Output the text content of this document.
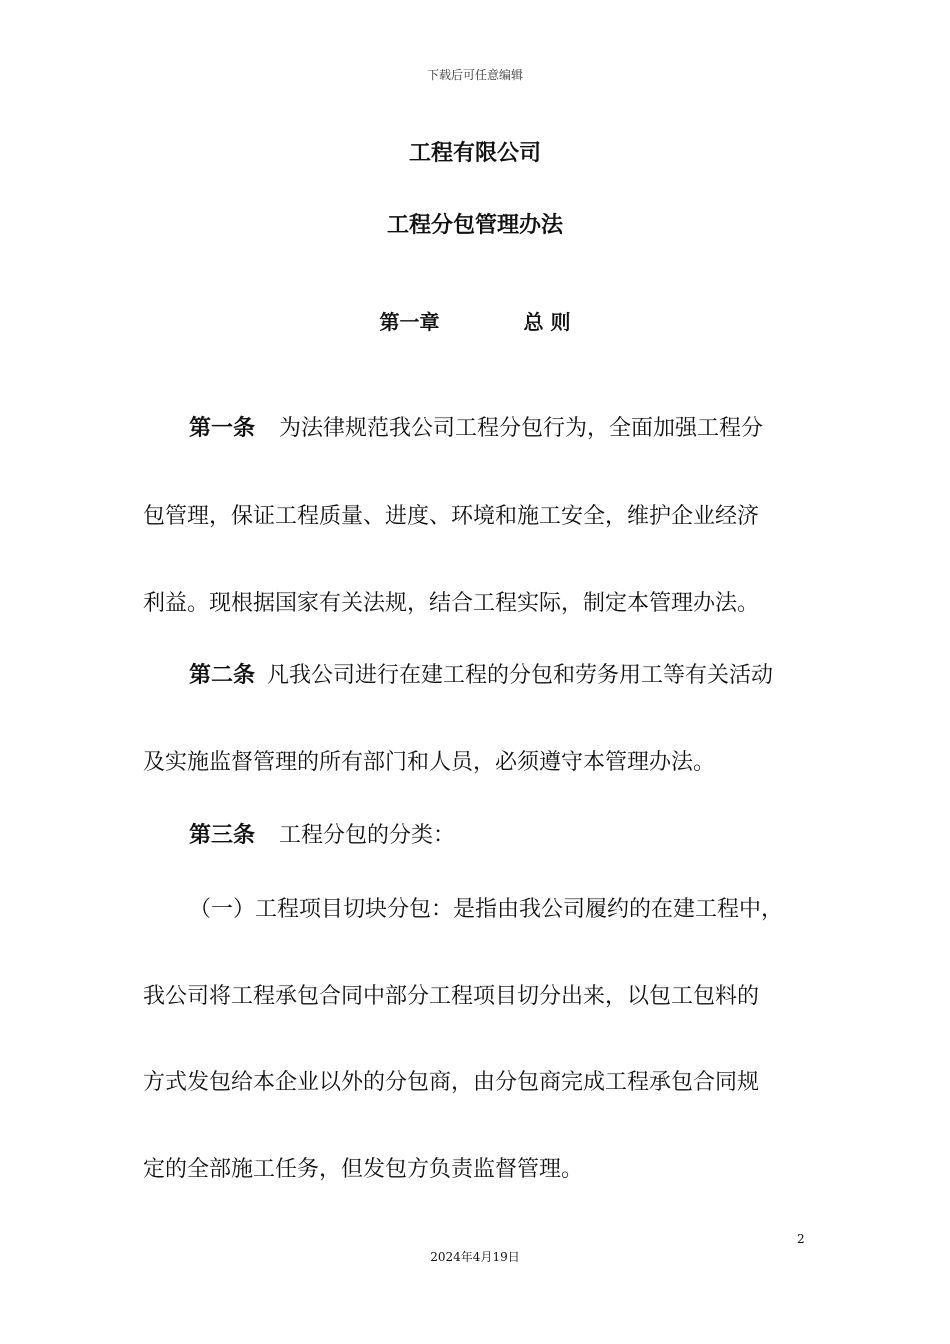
下载后可任意编辑
工程有限公司
工程分包管理办法
第一章	总 则
第一条 为法律规范我公司工程分包行为，全面加强工程分
包管理，保证工程质量、进度、环境和施工安全，维护企业经济
利益。现根据国家有关法规，结合工程实际，制定本管理办法。
第二条 凡我公司进行在建工程的分包和劳务用工等有关活动
及实施监督管理的所有部门和人员，必须遵守本管理办法。
第三条 工程分包的分类：
（一）工程项目切块分包：是指由我公司履约的在建工程中，
我公司将工程承包合同中部分工程项目切分出来，以包工包料的
方式发包给本企业以外的分包商，由分包商完成工程承包合同规
定的全部施工任务，但发包方负责监督管理。
2
2024年4月19日
